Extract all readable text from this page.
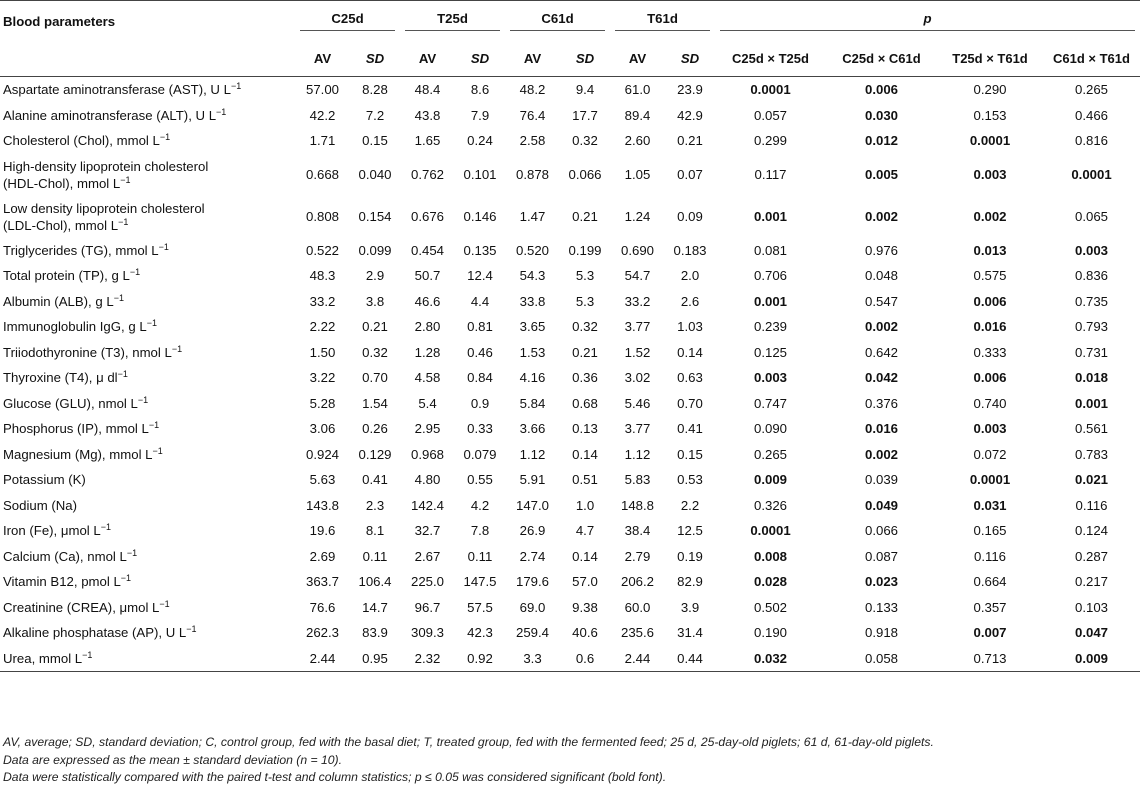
Blood parameters	C25d		T25d		C61d		T61d		p			

	AV	SD	AV	SD	AV	SD	AV	SD	C25d × T25d	C25d × C61d	T25d × T61d	C61d × T61d
Aspartate aminotransferase (AST), U $L^{-1}$	57.00	8.28	48.4	8.6	48.2	9.4	61.0	23.9	0.0001	0.006	0.290	0.265
Alanine aminotransferase (ALT), U $L^{-1}$	42.2	7.2	43.8	7.9	76.4	17.7	89.4	42.9	0.057	0.030	0.153	0.466
Cholesterol (Chol), mmol $L^{-1}$	1.71	0.15	1.65	0.24	2.58	0.32	2.60	0.21	0.299	0.012	0.0001	0.816
High-density lipoprotein cholesterol
(HDL-Chol), mmol $L^{-1}$	0.668	0.040	0.762	0.101	0.878	0.066	1.05	0.07	0.117	0.005	0.003	0.0001
Low density lipoprotein cholesterol
(LDL-Chol), mmol $L^{-1}$	0.808	0.154	0.676	0.146	1.47	0.21	1.24	0.09	0.001	0.002	0.002	0.065
Triglycerides (TG), mmol $L^{-1}$	0.522	0.099	0.454	0.135	0.520	0.199	0.690	0.183	0.081	0.976	0.013	0.003
Total protein (TP), g $L^{-1}$	48.3	2.9	50.7	12.4	54.3	5.3	54.7	2.0	0.706	0.048	0.575	0.836
Albumin (ALB), g $L^{-1}$	33.2	3.8	46.6	4.4	33.8	5.3	33.2	2.6	0.001	0.547	0.006	0.735
Immunoglobulin IgG, g $L^{-1}$	2.22	0.21	2.80	0.81	3.65	0.32	3.77	1.03	0.239	0.002	0.016	0.793
Triiodothyronine (T3), nmol $L^{-1}$	1.50	0.32	1.28	0.46	1.53	0.21	1.52	0.14	0.125	0.642	0.333	0.731
Thyroxine (T4), μ $dl^{-1}$	3.22	0.70	4.58	0.84	4.16	0.36	3.02	0.63	0.003	0.042	0.006	0.018
Glucose (GLU), nmol $L^{-1}$	5.28	1.54	5.4	0.9	5.84	0.68	5.46	0.70	0.747	0.376	0.740	0.001
Phosphorus (IP), mmol $L^{-1}$	3.06	0.26	2.95	0.33	3.66	0.13	3.77	0.41	0.090	0.016	0.003	0.561
Magnesium (Mg), mmol $L^{-1}$	0.924	0.129	0.968	0.079	1.12	0.14	1.12	0.15	0.265	0.002	0.072	0.783
Potassium (K)	5.63	0.41	4.80	0.55	5.91	0.51	5.83	0.53	0.009	0.039	0.0001	0.021
Sodium (Na)	143.8	2.3	142.4	4.2	147.0	1.0	148.8	2.2	0.326	0.049	0.031	0.116
Iron (Fe), μmol $L^{-1}$	19.6	8.1	32.7	7.8	26.9	4.7	38.4	12.5	0.0001	0.066	0.165	0.124
Calcium (Ca), nmol $L^{-1}$	2.69	0.11	2.67	0.11	2.74	0.14	2.79	0.19	0.008	0.087	0.116	0.287
Vitamin B12, pmol $L^{-1}$	363.7	106.4	225.0	147.5	179.6	57.0	206.2	82.9	0.028	0.023	0.664	0.217
Creatinine (CREA), μmol $L^{-1}$	76.6	14.7	96.7	57.5	69.0	9.38	60.0	3.9	0.502	0.133	0.357	0.103
Alkaline phosphatase (AP), U $L^{-1}$	262.3	83.9	309.3	42.3	259.4	40.6	235.6	31.4	0.190	0.918	0.007	0.047
Urea, mmol $L^{-1}$	2.44	0.95	2.32	0.92	3.3	0.6	2.44	0.44	0.032	0.058	0.713	0.009
AV, average; SD, standard deviation; C, control group, fed with the basal diet; T, treated group, fed with the fermented feed; 25 d, 25-day-old piglets; 61 d, 61-day-old piglets.
Data are expressed as the mean ± standard deviation (n = 10).
Data were statistically compared with the paired t-test and column statistics; p ≤ 0.05 was considered significant (bold font).
